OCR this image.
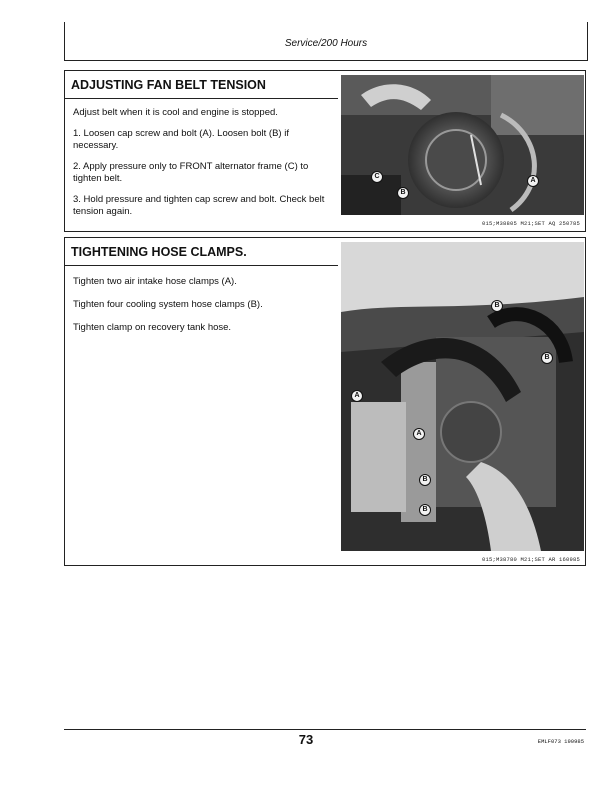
Service/200 Hours
ADJUSTING FAN BELT TENSION

Adjust belt when it is cool and engine is stopped.

1. Loosen cap screw and bolt (A). Loosen bolt (B) if necessary.

2. Apply pressure only to FRONT alternator frame (C) to tighten belt.

3. Hold pressure and tighten cap screw and bolt. Check belt tension again.

C
B
A
015;M38805 M21;SET AQ 250785
TIGHTENING HOSE CLAMPS.

Tighten two air intake hose clamps (A).

Tighten four cooling system hose clamps (B).

Tighten clamp on recovery tank hose.

B
B
A
A
B
B
015;M38780 M21;SET AR 160985
73	EMLF073 190985
